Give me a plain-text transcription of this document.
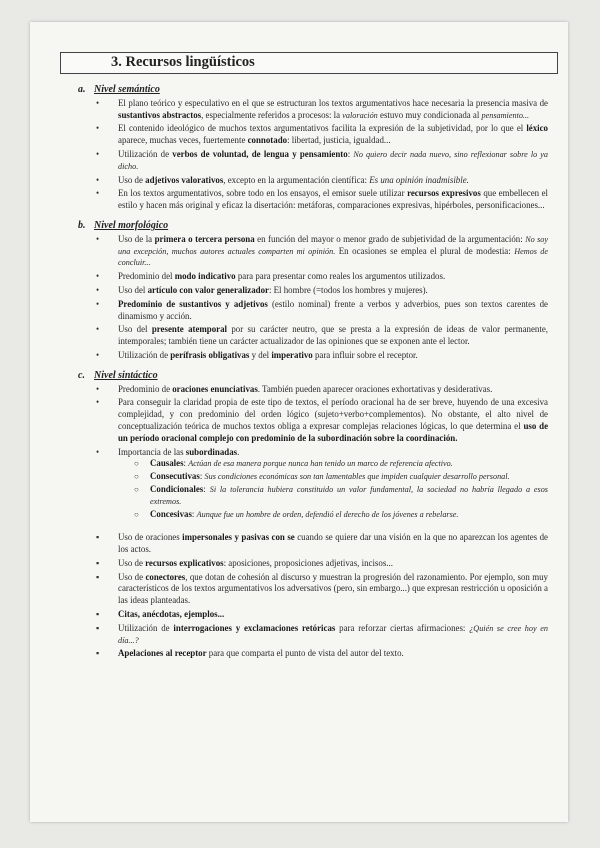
3. Recursos lingüísticos
a. Nivel semántico
• El plano teórico y especulativo en el que se estructuran los textos argumentativos hace necesaria la presencia masiva de sustantivos abstractos, especialmente referidos a procesos: la valoración estuvo muy condicionada al pensamiento...
• El contenido ideológico de muchos textos argumentativos facilita la expresión de la subjetividad, por lo que el léxico aparece, muchas veces, fuertemente connotado: libertad, justicia, igualdad...
• Utilización de verbos de voluntad, de lengua y pensamiento: No quiero decir nada nuevo, sino reflexionar sobre lo ya dicho.
• Uso de adjetivos valorativos, excepto en la argumentación científica: Es una opinión inadmisible.
• En los textos argumentativos, sobre todo en los ensayos, el emisor suele utilizar recursos expresivos que embellecen el estilo y hacen más original y eficaz la disertación: metáforas, comparaciones expresivas, hipérboles, personificaciones...
b. Nivel morfológico
• Uso de la primera o tercera persona en función del mayor o menor grado de subjetividad de la argumentación: No soy una excepción, muchos autores actuales comparten mi opinión. En ocasiones se emplea el plural de modestia: Hemos de concluir...
• Predominio del modo indicativo para para presentar como reales los argumentos utilizados.
• Uso del artículo con valor generalizador: El hombre (=todos los hombres y mujeres).
• Predominio de sustantivos y adjetivos (estilo nominal) frente a verbos y adverbios, pues son textos carentes de dinamismo y acción.
• Uso del presente atemporal por su carácter neutro, que se presta a la expresión de ideas de valor permanente, intemporales; también tiene un carácter actualizador de las opiniones que se exponen ante el lector.
• Utilización de perífrasis obligativas y del imperativo para influir sobre el receptor.
c. Nivel sintáctico
• Predominio de oraciones enunciativas. También pueden aparecer oraciones exhortativas y desiderativas.
• Para conseguir la claridad propia de este tipo de textos, el período oracional ha de ser breve, huyendo de una excesiva complejidad, y con predominio del orden lógico (sujeto+verbo+complementos). No obstante, el alto nivel de conceptualización teórica de muchos textos obliga a expresar complejas relaciones lógicas, lo que determina el uso de un período oracional complejo con predominio de la subordinación sobre la coordinación.
• Importancia de las subordinadas.
○ Causales: Actúan de esa manera porque nunca han tenido un marco de referencia afectivo.
○ Consecutivas: Sus condiciones económicas son tan lamentables que impiden cualquier desarrollo personal.
○ Condicionales: Si la tolerancia hubiera constituido un valor fundamental, la sociedad no habría llegado a esos extremos.
○ Concesivas: Aunque fue un hombre de orden, defendió el derecho de los jóvenes a rebelarse.
▪ Uso de oraciones impersonales y pasivas con se cuando se quiere dar una visión en la que no aparezcan los agentes de los actos.
▪ Uso de recursos explicativos: aposiciones, proposiciones adjetivas, incisos...
▪ Uso de conectores, que dotan de cohesión al discurso y muestran la progresión del razonamiento. Por ejemplo, son muy característicos de los textos argumentativos los adversativos (pero, sin embargo...) que expresan restricción u oposición a las ideas planteadas.
▪ Citas, anécdotas, ejemplos...
▪ Utilización de interrogaciones y exclamaciones retóricas para reforzar ciertas afirmaciones: ¿Quién se cree hoy en día...?
▪ Apelaciones al receptor para que comparta el punto de vista del autor del texto.
